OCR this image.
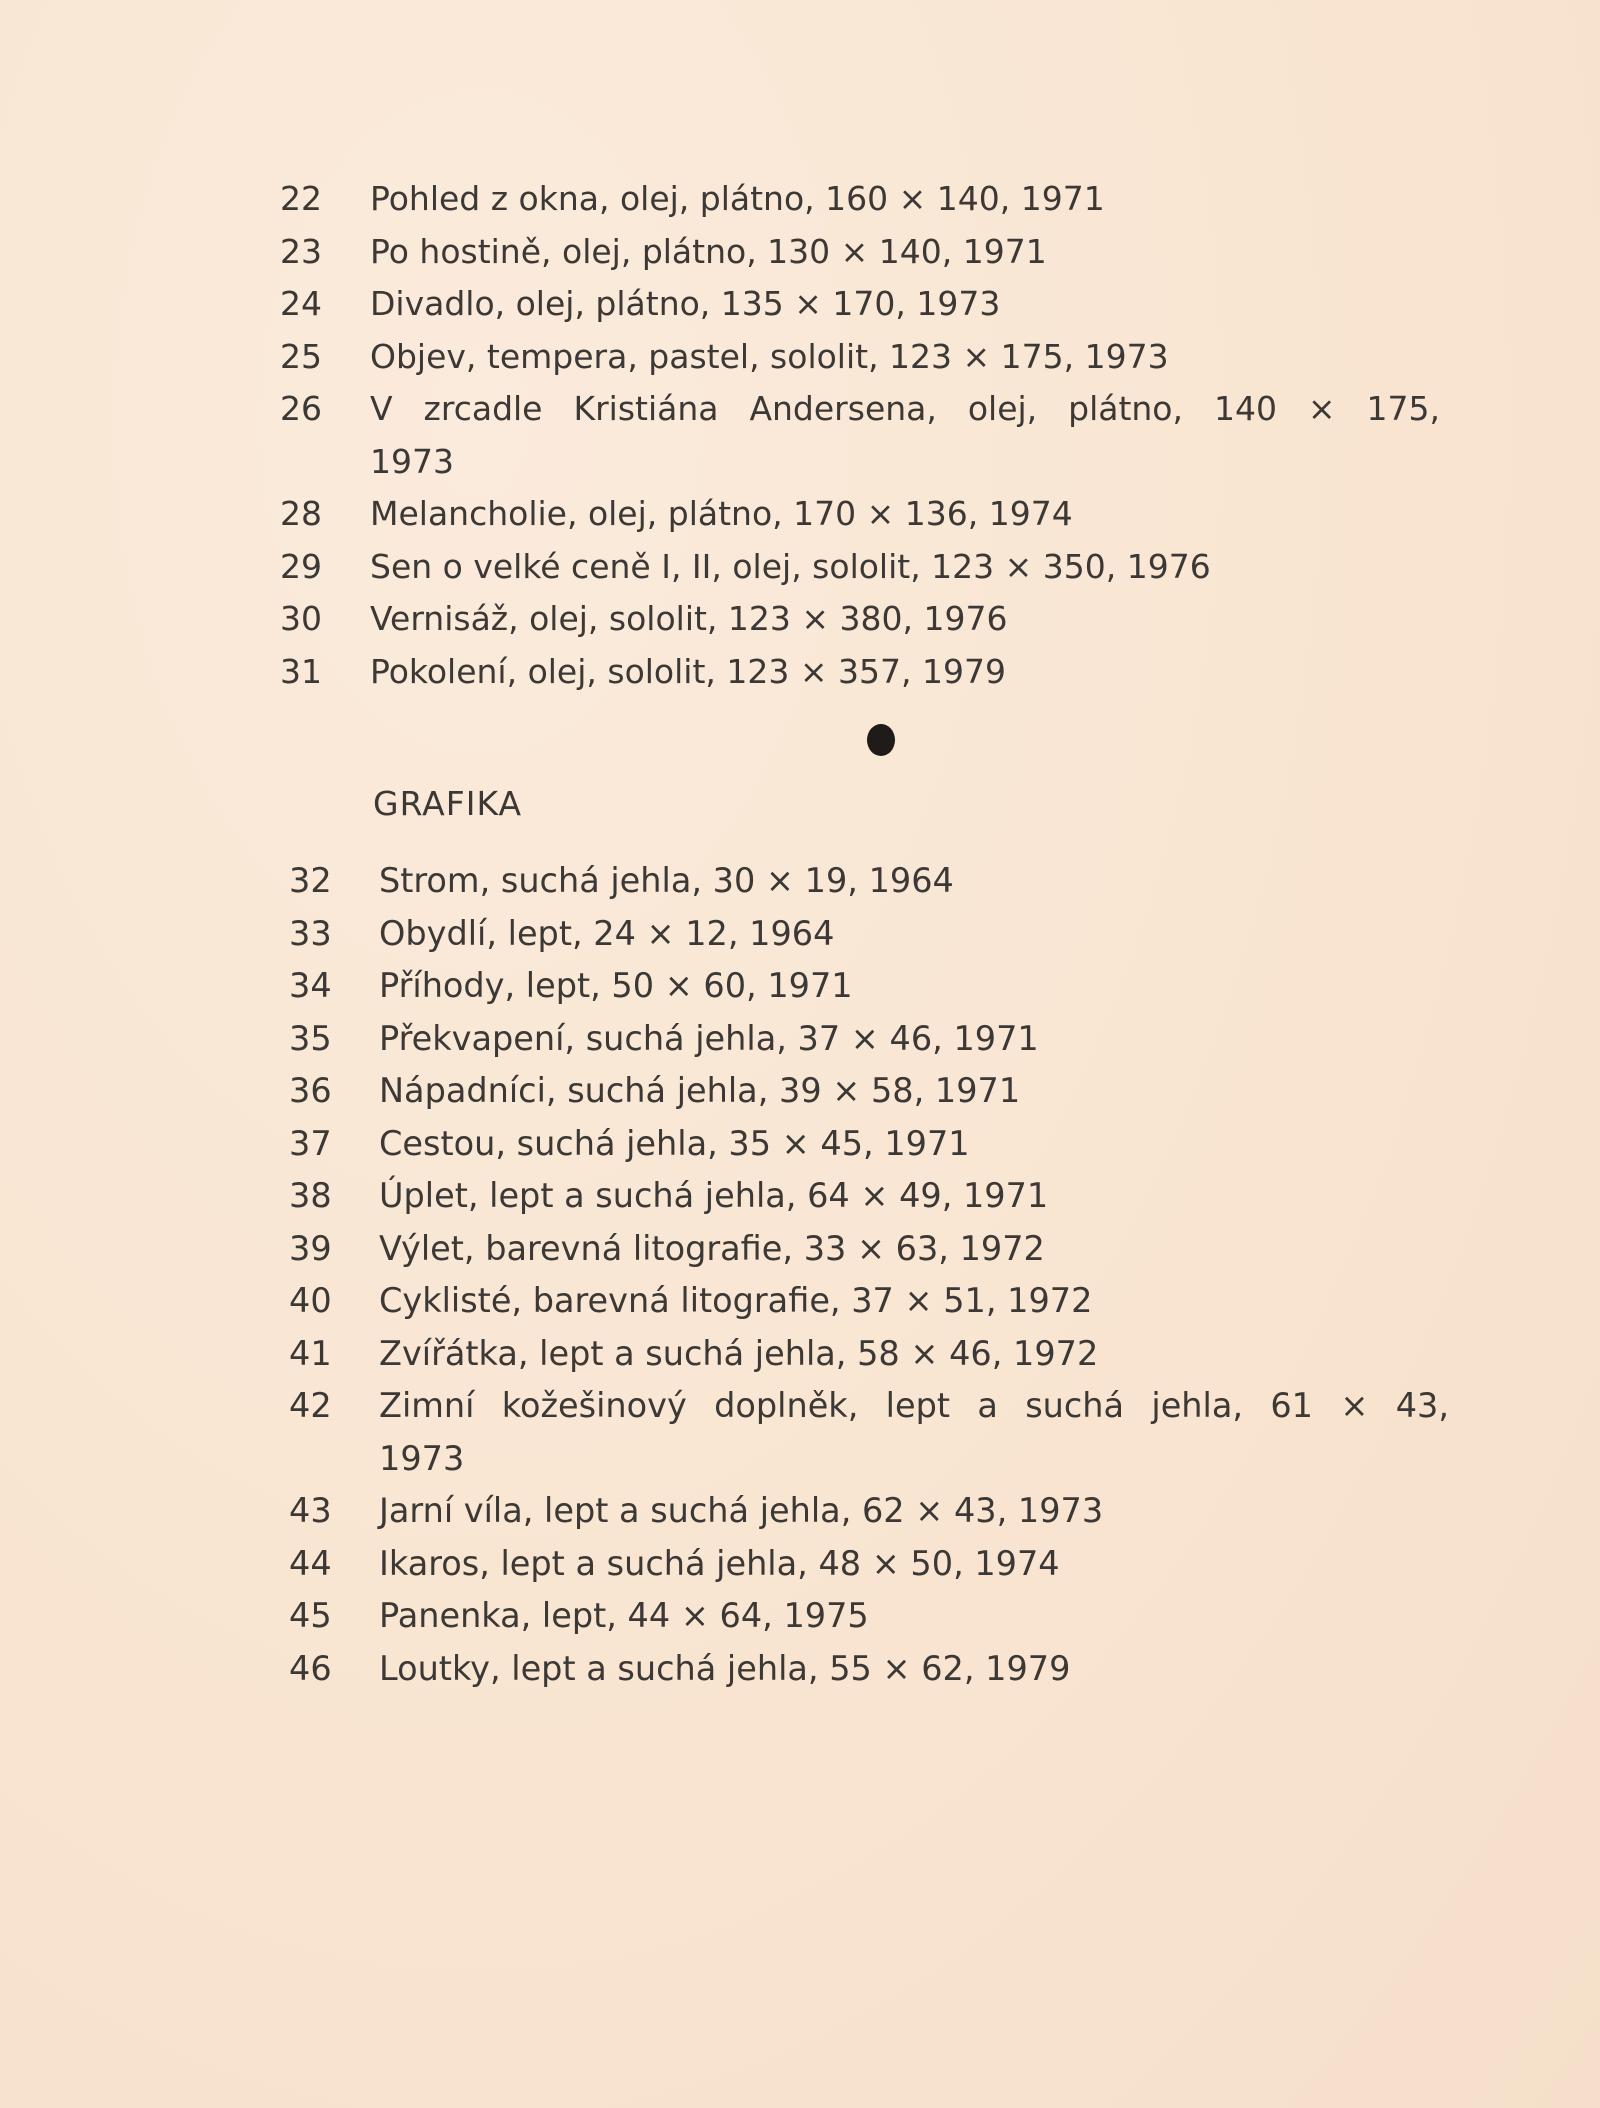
22	Pohled z okna, olej, plátno, 160 × 140, 1971
23	Po hostině, olej, plátno, 130 × 140, 1971
24	Divadlo, olej, plátno, 135 × 170, 1973
25	Objev, tempera, pastel, sololit, 123 × 175, 1973
26	V zrcadle Kristiána Andersena, olej, plátno, 140 × 175,
1973
28	Melancholie, olej, plátno, 170 × 136, 1974
29	Sen o velké ceně I, II, olej, sololit, 123 × 350, 1976
30	Vernisáž, olej, sololit, 123 × 380, 1976
31	Pokolení, olej, sololit, 123 × 357, 1979
GRAFIKA
32	Strom, suchá jehla, 30 × 19, 1964
33	Obydlí, lept, 24 × 12, 1964
34	Příhody, lept, 50 × 60, 1971
35	Překvapení, suchá jehla, 37 × 46, 1971
36	Nápadníci, suchá jehla, 39 × 58, 1971
37	Cestou, suchá jehla, 35 × 45, 1971
38	Úplet, lept a suchá jehla, 64 × 49, 1971
39	Výlet, barevná litografie, 33 × 63, 1972
40	Cyklisté, barevná litografie, 37 × 51, 1972
41	Zvířátka, lept a suchá jehla, 58 × 46, 1972
42	Zimní kožešinový doplněk, lept a suchá jehla, 61 × 43,
1973
43	Jarní víla, lept a suchá jehla, 62 × 43, 1973
44	Ikaros, lept a suchá jehla, 48 × 50, 1974
45	Panenka, lept, 44 × 64, 1975
46	Loutky, lept a suchá jehla, 55 × 62, 1979
